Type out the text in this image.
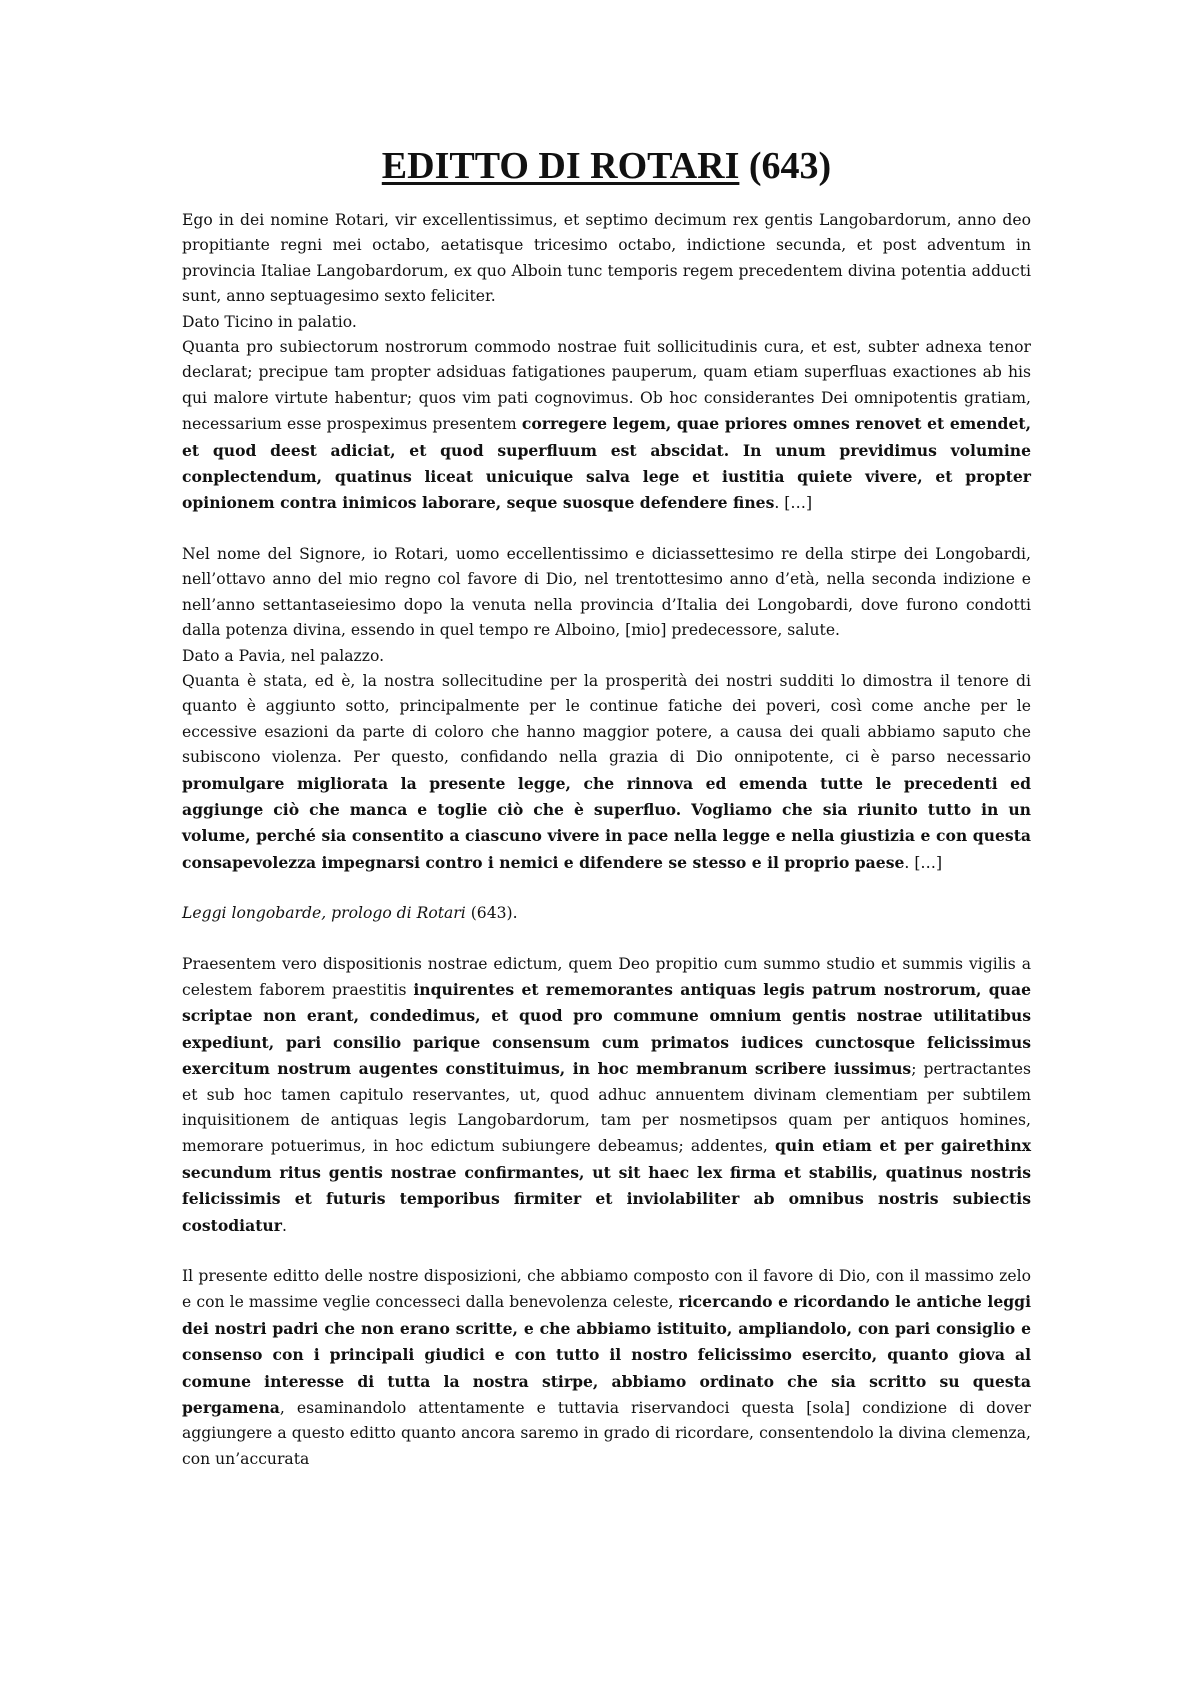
EDITTO DI ROTARI (643)

Ego in dei nomine Rotari, vir excellentissimus, et septimo decimum rex gentis Langobardorum, anno deo propitiante regni mei octabo, aetatisque tricesimo octabo, indictione secunda, et post adventum in provincia Italiae Langobardorum, ex quo Alboin tunc temporis regem precedentem divina potentia adducti sunt, anno septuagesimo sexto feliciter.

Dato Ticino in palatio.

Quanta pro subiectorum nostrorum commodo nostrae fuit sollicitudinis cura, et est, subter adnexa tenor declarat; precipue tam propter adsiduas fatigationes pauperum, quam etiam superfluas exactiones ab his qui malore virtute habentur; quos vim pati cognovimus. Ob hoc considerantes Dei omnipotentis gratiam, necessarium esse prospeximus presentem corregere legem, quae priores omnes renovet et emendet, et quod deest adiciat, et quod superfluum est abscidat. In unum previdimus volumine conplectendum, quatinus liceat unicuique salva lege et iustitia quiete vivere, et propter opinionem contra inimicos laborare, seque suosque defendere fines. […]

Nel nome del Signore, io Rotari, uomo eccellentissimo e diciassettesimo re della stirpe dei Longobardi, nell’ottavo anno del mio regno col favore di Dio, nel trentottesimo anno d’età, nella seconda indizione e nell’anno settantaseiesimo dopo la venuta nella provincia d’Italia dei Longobardi, dove furono condotti dalla potenza divina, essendo in quel tempo re Alboino, [mio] predecessore, salute.

Dato a Pavia, nel palazzo.

Quanta è stata, ed è, la nostra sollecitudine per la prosperità dei nostri sudditi lo dimostra il tenore di quanto è aggiunto sotto, principalmente per le continue fatiche dei poveri, così come anche per le eccessive esazioni da parte di coloro che hanno maggior potere, a causa dei quali abbiamo saputo che subiscono violenza. Per questo, confidando nella grazia di Dio onnipotente, ci è parso necessario promulgare migliorata la presente legge, che rinnova ed emenda tutte le precedenti ed aggiunge ciò che manca e toglie ciò che è superfluo. Vogliamo che sia riunito tutto in un volume, perché sia consentito a ciascuno vivere in pace nella legge e nella giustizia e con questa consapevolezza impegnarsi contro i nemici e difendere se stesso e il proprio paese. […]

Leggi longobarde, prologo di Rotari (643).

Praesentem vero dispositionis nostrae edictum, quem Deo propitio cum summo studio et summis vigilis a celestem faborem praestitis inquirentes et rememorantes antiquas legis patrum nostrorum, quae scriptae non erant, condedimus, et quod pro commune omnium gentis nostrae utilitatibus expediunt, pari consilio parique consensum cum primatos iudices cunctosque felicissimus exercitum nostrum augentes constituimus, in hoc membranum scribere iussimus; pertractantes et sub hoc tamen capitulo reservantes, ut, quod adhuc annuentem divinam clementiam per subtilem inquisitionem de antiquas legis Langobardorum, tam per nosmetipsos quam per antiquos homines, memorare potuerimus, in hoc edictum subiungere debeamus; addentes, quin etiam et per gairethinx secundum ritus gentis nostrae confirmantes, ut sit haec lex firma et stabilis, quatinus nostris felicissimis et futuris temporibus firmiter et inviolabiliter ab omnibus nostris subiectis costodiatur.

Il presente editto delle nostre disposizioni, che abbiamo composto con il favore di Dio, con il massimo zelo e con le massime veglie concesseci dalla benevolenza celeste, ricercando e ricordando le antiche leggi dei nostri padri che non erano scritte, e che abbiamo istituito, ampliandolo, con pari consiglio e consenso con i principali giudici e con tutto il nostro felicissimo esercito, quanto giova al comune interesse di tutta la nostra stirpe, abbiamo ordinato che sia scritto su questa pergamena, esaminandolo attentamente e tuttavia riservandoci questa [sola] condizione di dover aggiungere a questo editto quanto ancora saremo in grado di ricordare, consentendolo la divina clemenza, con un’accurata
